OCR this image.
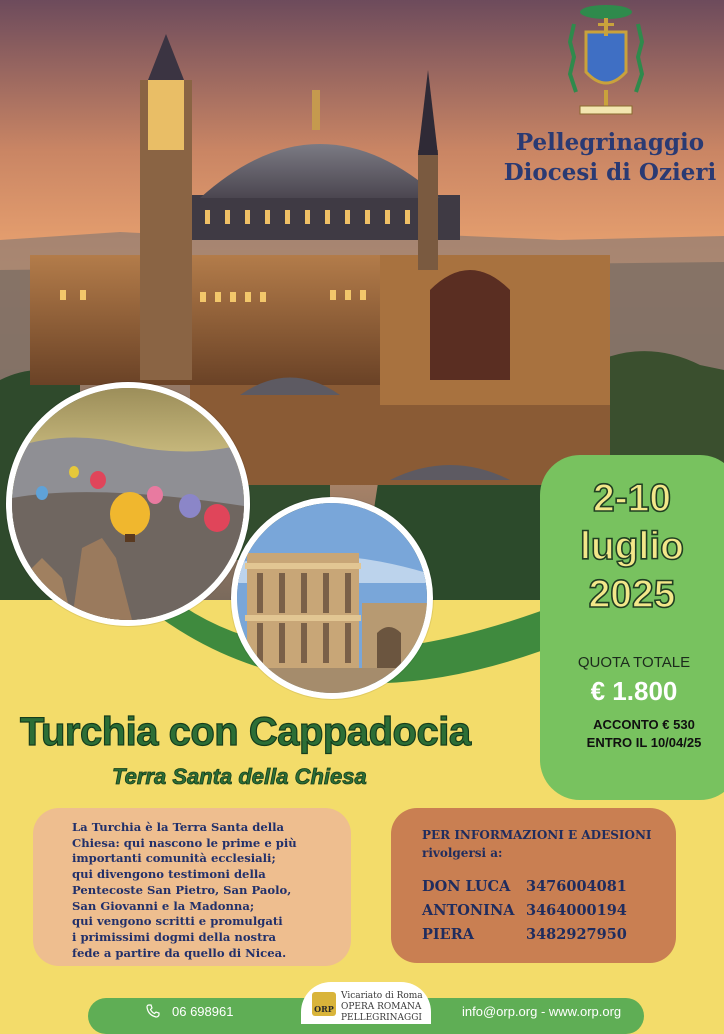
Pellegrinaggio
Diocesi di Ozieri
2-10
luglio
2025
QUOTA TOTALE
€ 1.800
ACCONTO € 530
ENTRO IL 10/04/25
Turchia con Cappadocia
Terra Santa della Chiesa
La Turchia è la Terra Santa della
Chiesa: qui nascono le prime e più
importanti comunità ecclesiali;
qui divengono testimoni della
Pentecoste San Pietro, San Paolo,
San Giovanni e la Madonna;
qui vengono scritti e promulgati
i primissimi dogmi della nostra
fede a partire da quello di Nicea.
PER INFORMAZIONI E ADESIONI
rivolgersi a:
DON LUCA 3476004081
ANTONINA 3464000194
PIERA	3482927950
06 698961	info@orp.org - www.orp.org
ORP
Vicariato di Roma
OPERA ROMANA
PELLEGRINAGGI
